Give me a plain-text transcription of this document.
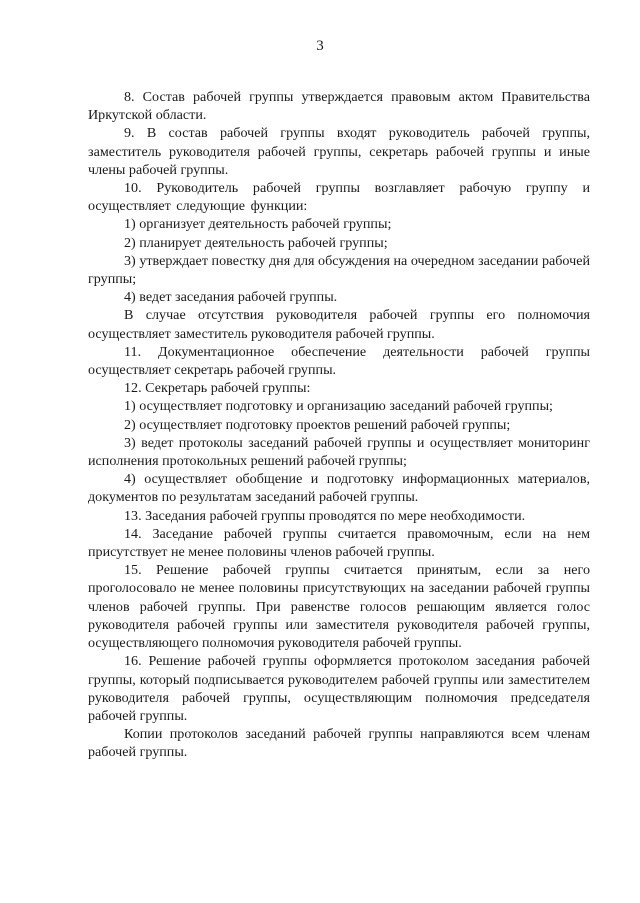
3

8. Состав рабочей группы утверждается правовым актом Правительства Иркутской области.

9. В состав рабочей группы входят руководитель рабочей группы, заместитель руководителя рабочей группы, секретарь рабочей группы и иные члены рабочей группы.

10. Руководитель рабочей группы возглавляет рабочую группу и осуществляет следующие функции:

1) организует деятельность рабочей группы;

2) планирует деятельность рабочей группы;

3) утверждает повестку дня для обсуждения на очередном заседании рабочей группы;

4) ведет заседания рабочей группы.

В случае отсутствия руководителя рабочей группы его полномочия осуществляет заместитель руководителя рабочей группы.

11. Документационное обеспечение деятельности рабочей группы осуществляет секретарь рабочей группы.

12. Секретарь рабочей группы:

1) осуществляет подготовку и организацию заседаний рабочей группы;

2) осуществляет подготовку проектов решений рабочей группы;

3) ведет протоколы заседаний рабочей группы и осуществляет мониторинг исполнения протокольных решений рабочей группы;

4) осуществляет обобщение и подготовку информационных материалов, документов по результатам заседаний рабочей группы.

13. Заседания рабочей группы проводятся по мере необходимости.

14. Заседание рабочей группы считается правомочным, если на нем присутствует не менее половины членов рабочей группы.

15. Решение рабочей группы считается принятым, если за него проголосовало не менее половины присутствующих на заседании рабочей группы членов рабочей группы. При равенстве голосов решающим является голос руководителя рабочей группы или заместителя руководителя рабочей группы, осуществляющего полномочия руководителя рабочей группы.

16. Решение рабочей группы оформляется протоколом заседания рабочей группы, который подписывается руководителем рабочей группы или заместителем руководителя рабочей группы, осуществляющим полномочия председателя рабочей группы.

Копии протоколов заседаний рабочей группы направляются всем членам рабочей группы.
